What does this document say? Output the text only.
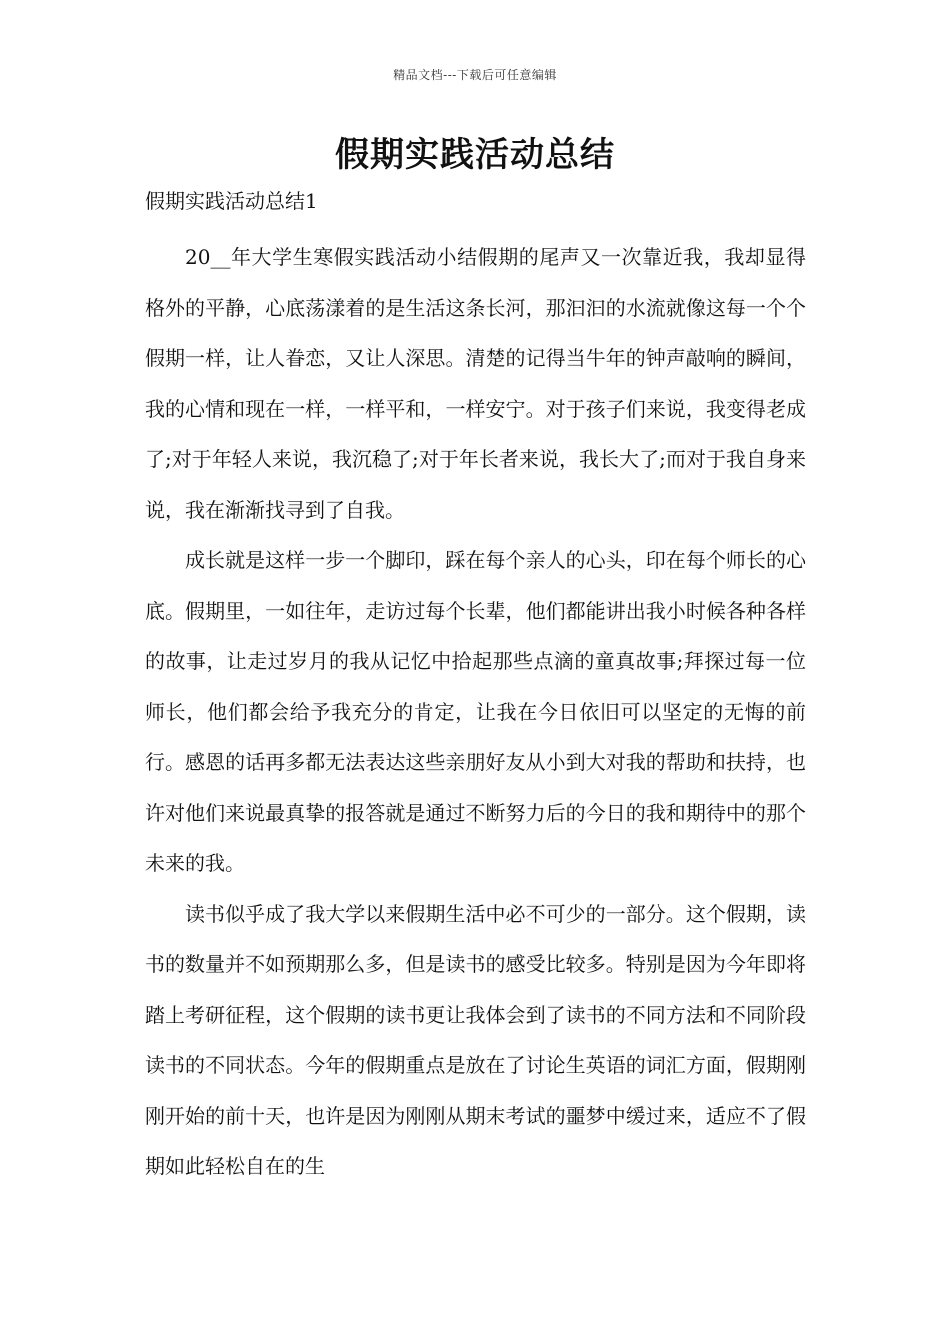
精品文档---下载后可任意编辑
假期实践活动总结
假期实践活动总结1

20__年大学生寒假实践活动小结假期的尾声又一次靠近我，我却显得格外的平静，心底荡漾着的是生活这条长河，那汩汩的水流就像这每一个个假期一样，让人眷恋，又让人深思。清楚的记得当牛年的钟声敲响的瞬间，我的心情和现在一样，一样平和，一样安宁。对于孩子们来说，我变得老成了;对于年轻人来说，我沉稳了;对于年长者来说，我长大了;而对于我自身来说，我在渐渐找寻到了自我。

成长就是这样一步一个脚印，踩在每个亲人的心头，印在每个师长的心底。假期里，一如往年，走访过每个长辈，他们都能讲出我小时候各种各样的故事，让走过岁月的我从记忆中拾起那些点滴的童真故事;拜探过每一位师长，他们都会给予我充分的肯定，让我在今日依旧可以坚定的无悔的前行。感恩的话再多都无法表达这些亲朋好友从小到大对我的帮助和扶持，也许对他们来说最真挚的报答就是通过不断努力后的今日的我和期待中的那个未来的我。

读书似乎成了我大学以来假期生活中必不可少的一部分。这个假期，读书的数量并不如预期那么多，但是读书的感受比较多。特别是因为今年即将踏上考研征程，这个假期的读书更让我体会到了读书的不同方法和不同阶段读书的不同状态。今年的假期重点是放在了讨论生英语的词汇方面，假期刚刚开始的前十天，也许是因为刚刚从期末考试的噩梦中缓过来，适应不了假期如此轻松自在的生
